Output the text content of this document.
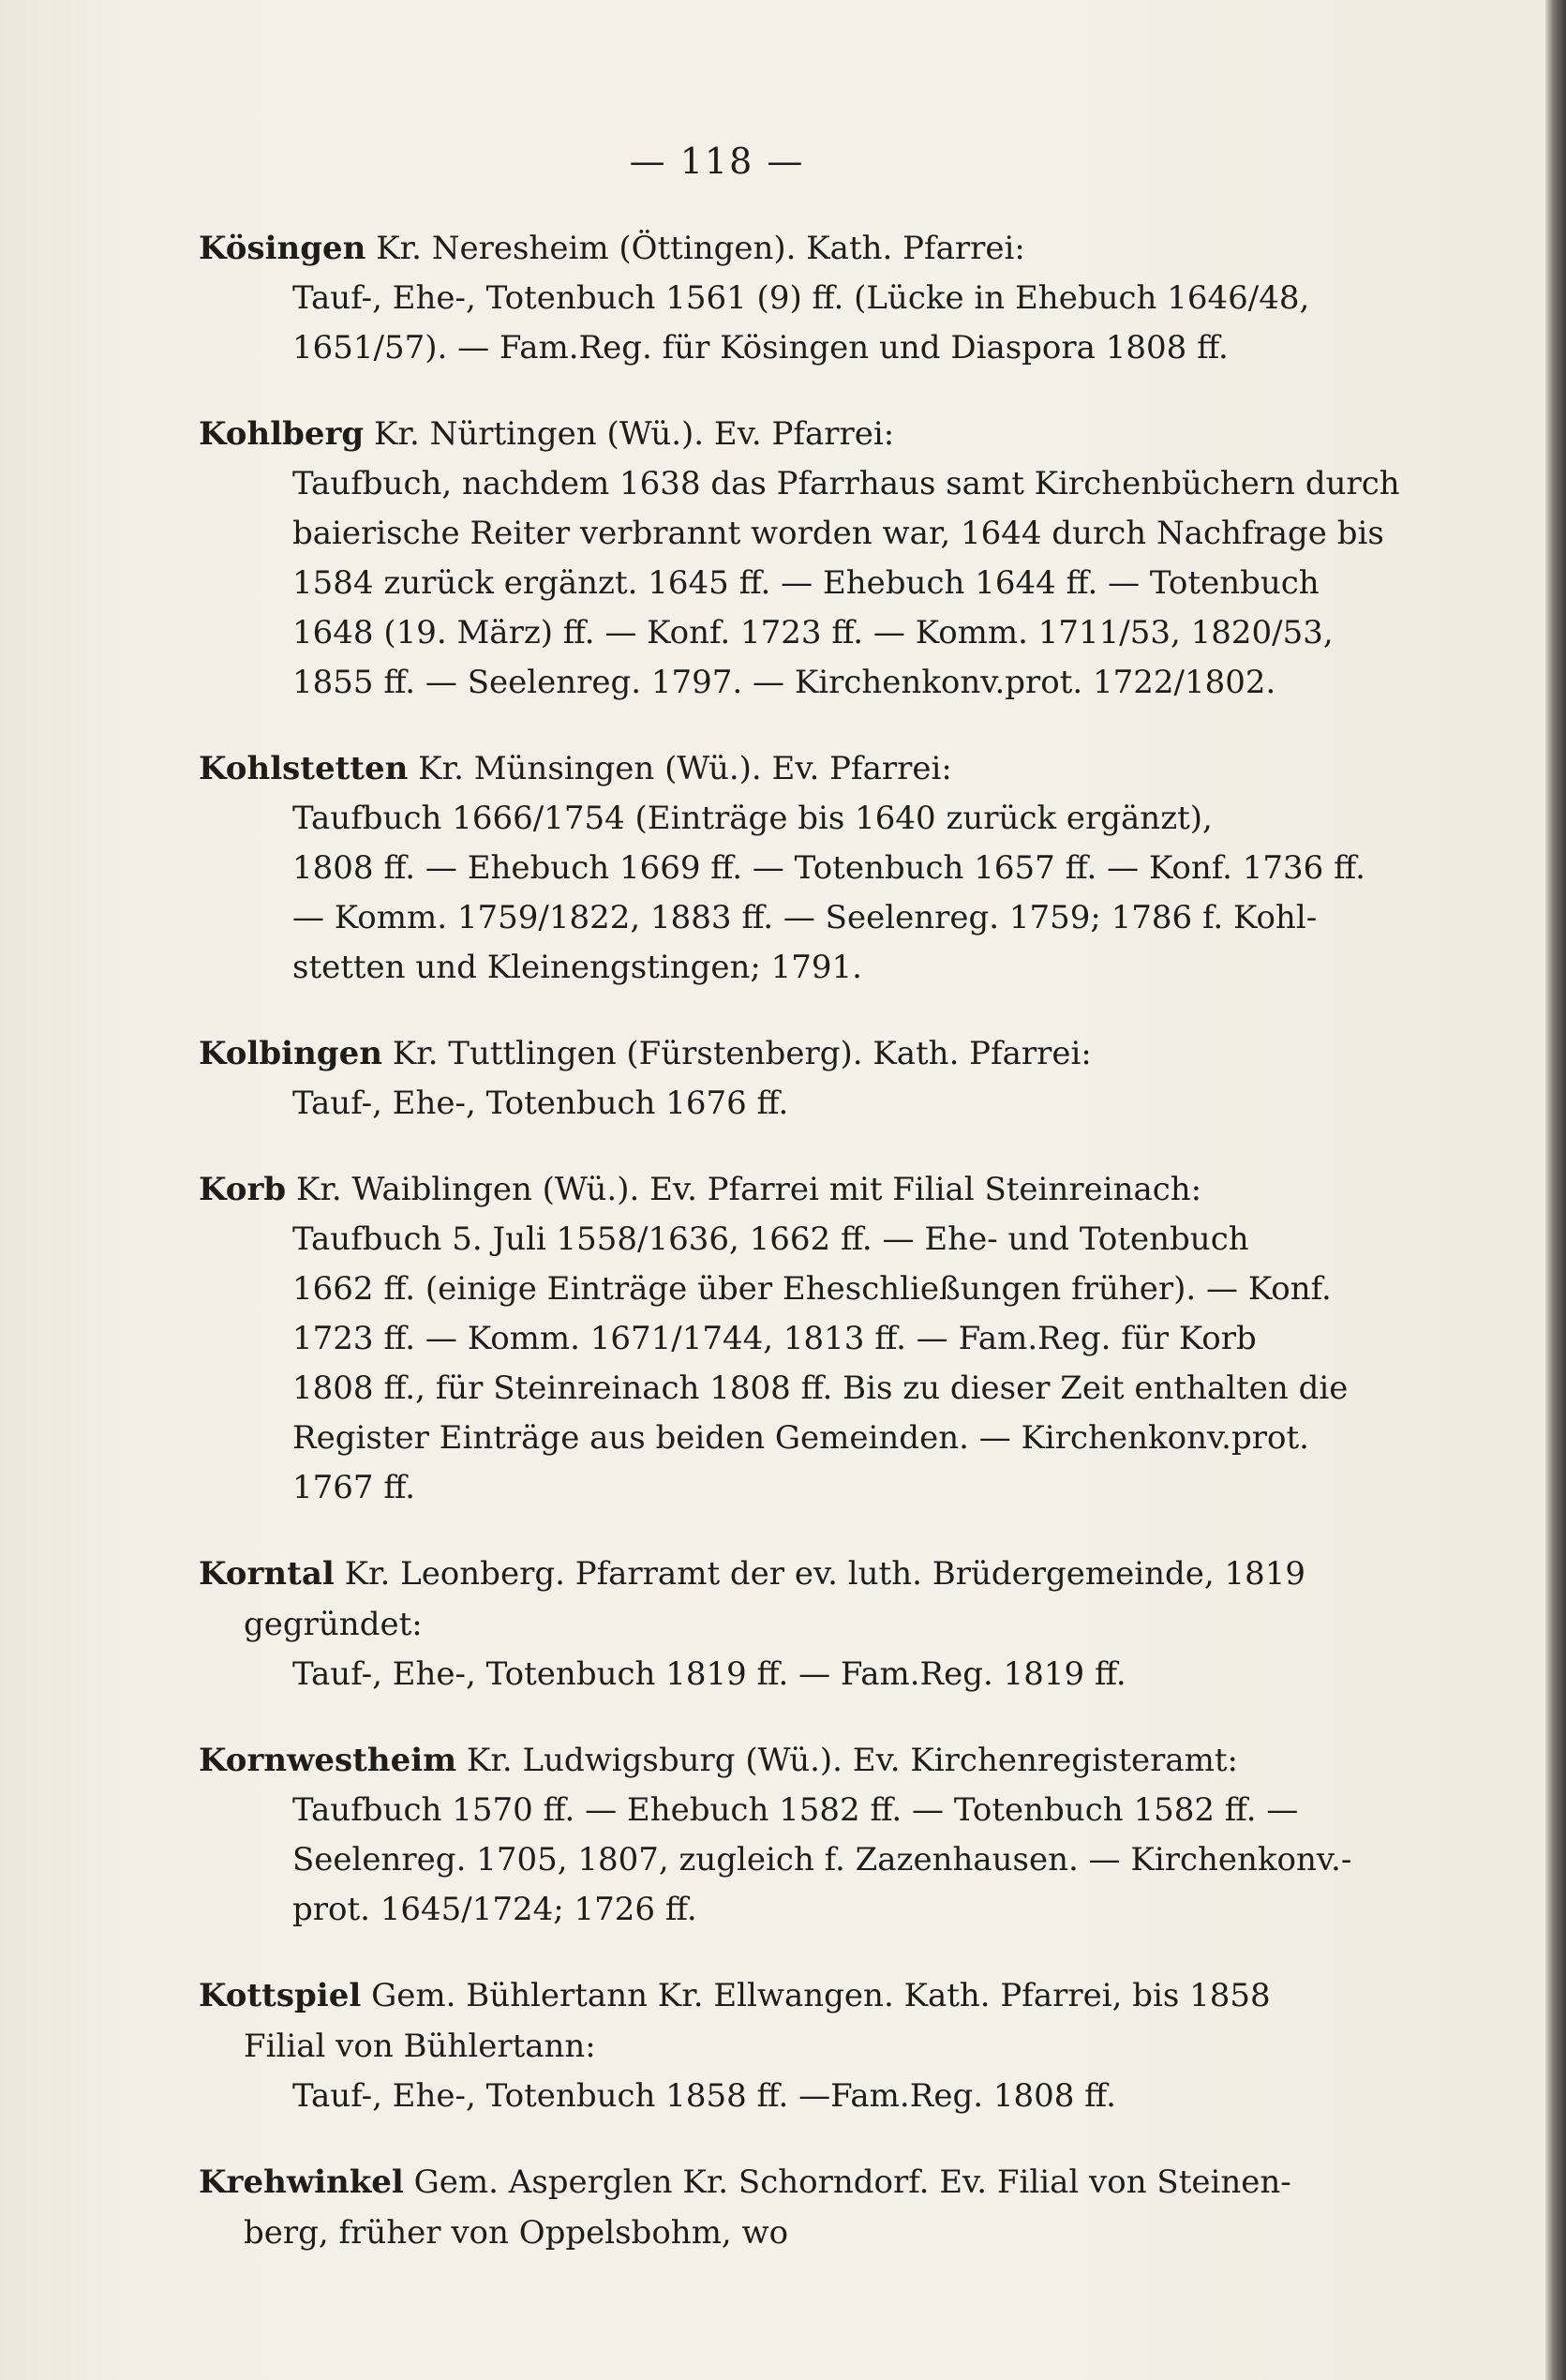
— 118 —
Kösingen Kr. Neresheim (Öttingen). Kath. Pfarrei:
Tauf-, Ehe-, Totenbuch 1561 (9) ff. (Lücke in Ehebuch 1646/48,
1651/57). — Fam.Reg. für Kösingen und Diaspora 1808 ff.
Kohlberg Kr. Nürtingen (Wü.). Ev. Pfarrei:
Taufbuch, nachdem 1638 das Pfarrhaus samt Kirchenbüchern durch
baierische Reiter verbrannt worden war, 1644 durch Nachfrage bis
1584 zurück ergänzt. 1645 ff. — Ehebuch 1644 ff. — Totenbuch
1648 (19. März) ff. — Konf. 1723 ff. — Komm. 1711/53, 1820/53,
1855 ff. — Seelenreg. 1797. — Kirchenkonv.prot. 1722/1802.
Kohlstetten Kr. Münsingen (Wü.). Ev. Pfarrei:
Taufbuch 1666/1754 (Einträge bis 1640 zurück ergänzt),
1808 ff. — Ehebuch 1669 ff. — Totenbuch 1657 ff. — Konf. 1736 ff.
— Komm. 1759/1822, 1883 ff. — Seelenreg. 1759; 1786 f. Kohl-
stetten und Kleinengstingen; 1791.
Kolbingen Kr. Tuttlingen (Fürstenberg). Kath. Pfarrei:
Tauf-, Ehe-, Totenbuch 1676 ff.
Korb Kr. Waiblingen (Wü.). Ev. Pfarrei mit Filial Steinreinach:
Taufbuch 5. Juli 1558/1636, 1662 ff. — Ehe- und Totenbuch
1662 ff. (einige Einträge über Eheschließungen früher). — Konf.
1723 ff. — Komm. 1671/1744, 1813 ff. — Fam.Reg. für Korb
1808 ff., für Steinreinach 1808 ff. Bis zu dieser Zeit enthalten die
Register Einträge aus beiden Gemeinden. — Kirchenkonv.prot.
1767 ff.
Korntal Kr. Leonberg. Pfarramt der ev. luth. Brüdergemeinde, 1819
gegründet:
Tauf-, Ehe-, Totenbuch 1819 ff. — Fam.Reg. 1819 ff.
Kornwestheim Kr. Ludwigsburg (Wü.). Ev. Kirchenregisteramt:
Taufbuch 1570 ff. — Ehebuch 1582 ff. — Totenbuch 1582 ff. —
Seelenreg. 1705, 1807, zugleich f. Zazenhausen. — Kirchenkonv.-
prot. 1645/1724; 1726 ff.
Kottspiel Gem. Bühlertann Kr. Ellwangen. Kath. Pfarrei, bis 1858
Filial von Bühlertann:
Tauf-, Ehe-, Totenbuch 1858 ff. —Fam.Reg. 1808 ff.
Krehwinkel Gem. Asperglen Kr. Schorndorf. Ev. Filial von Steinen-
berg, früher von Oppelsbohm, wo
